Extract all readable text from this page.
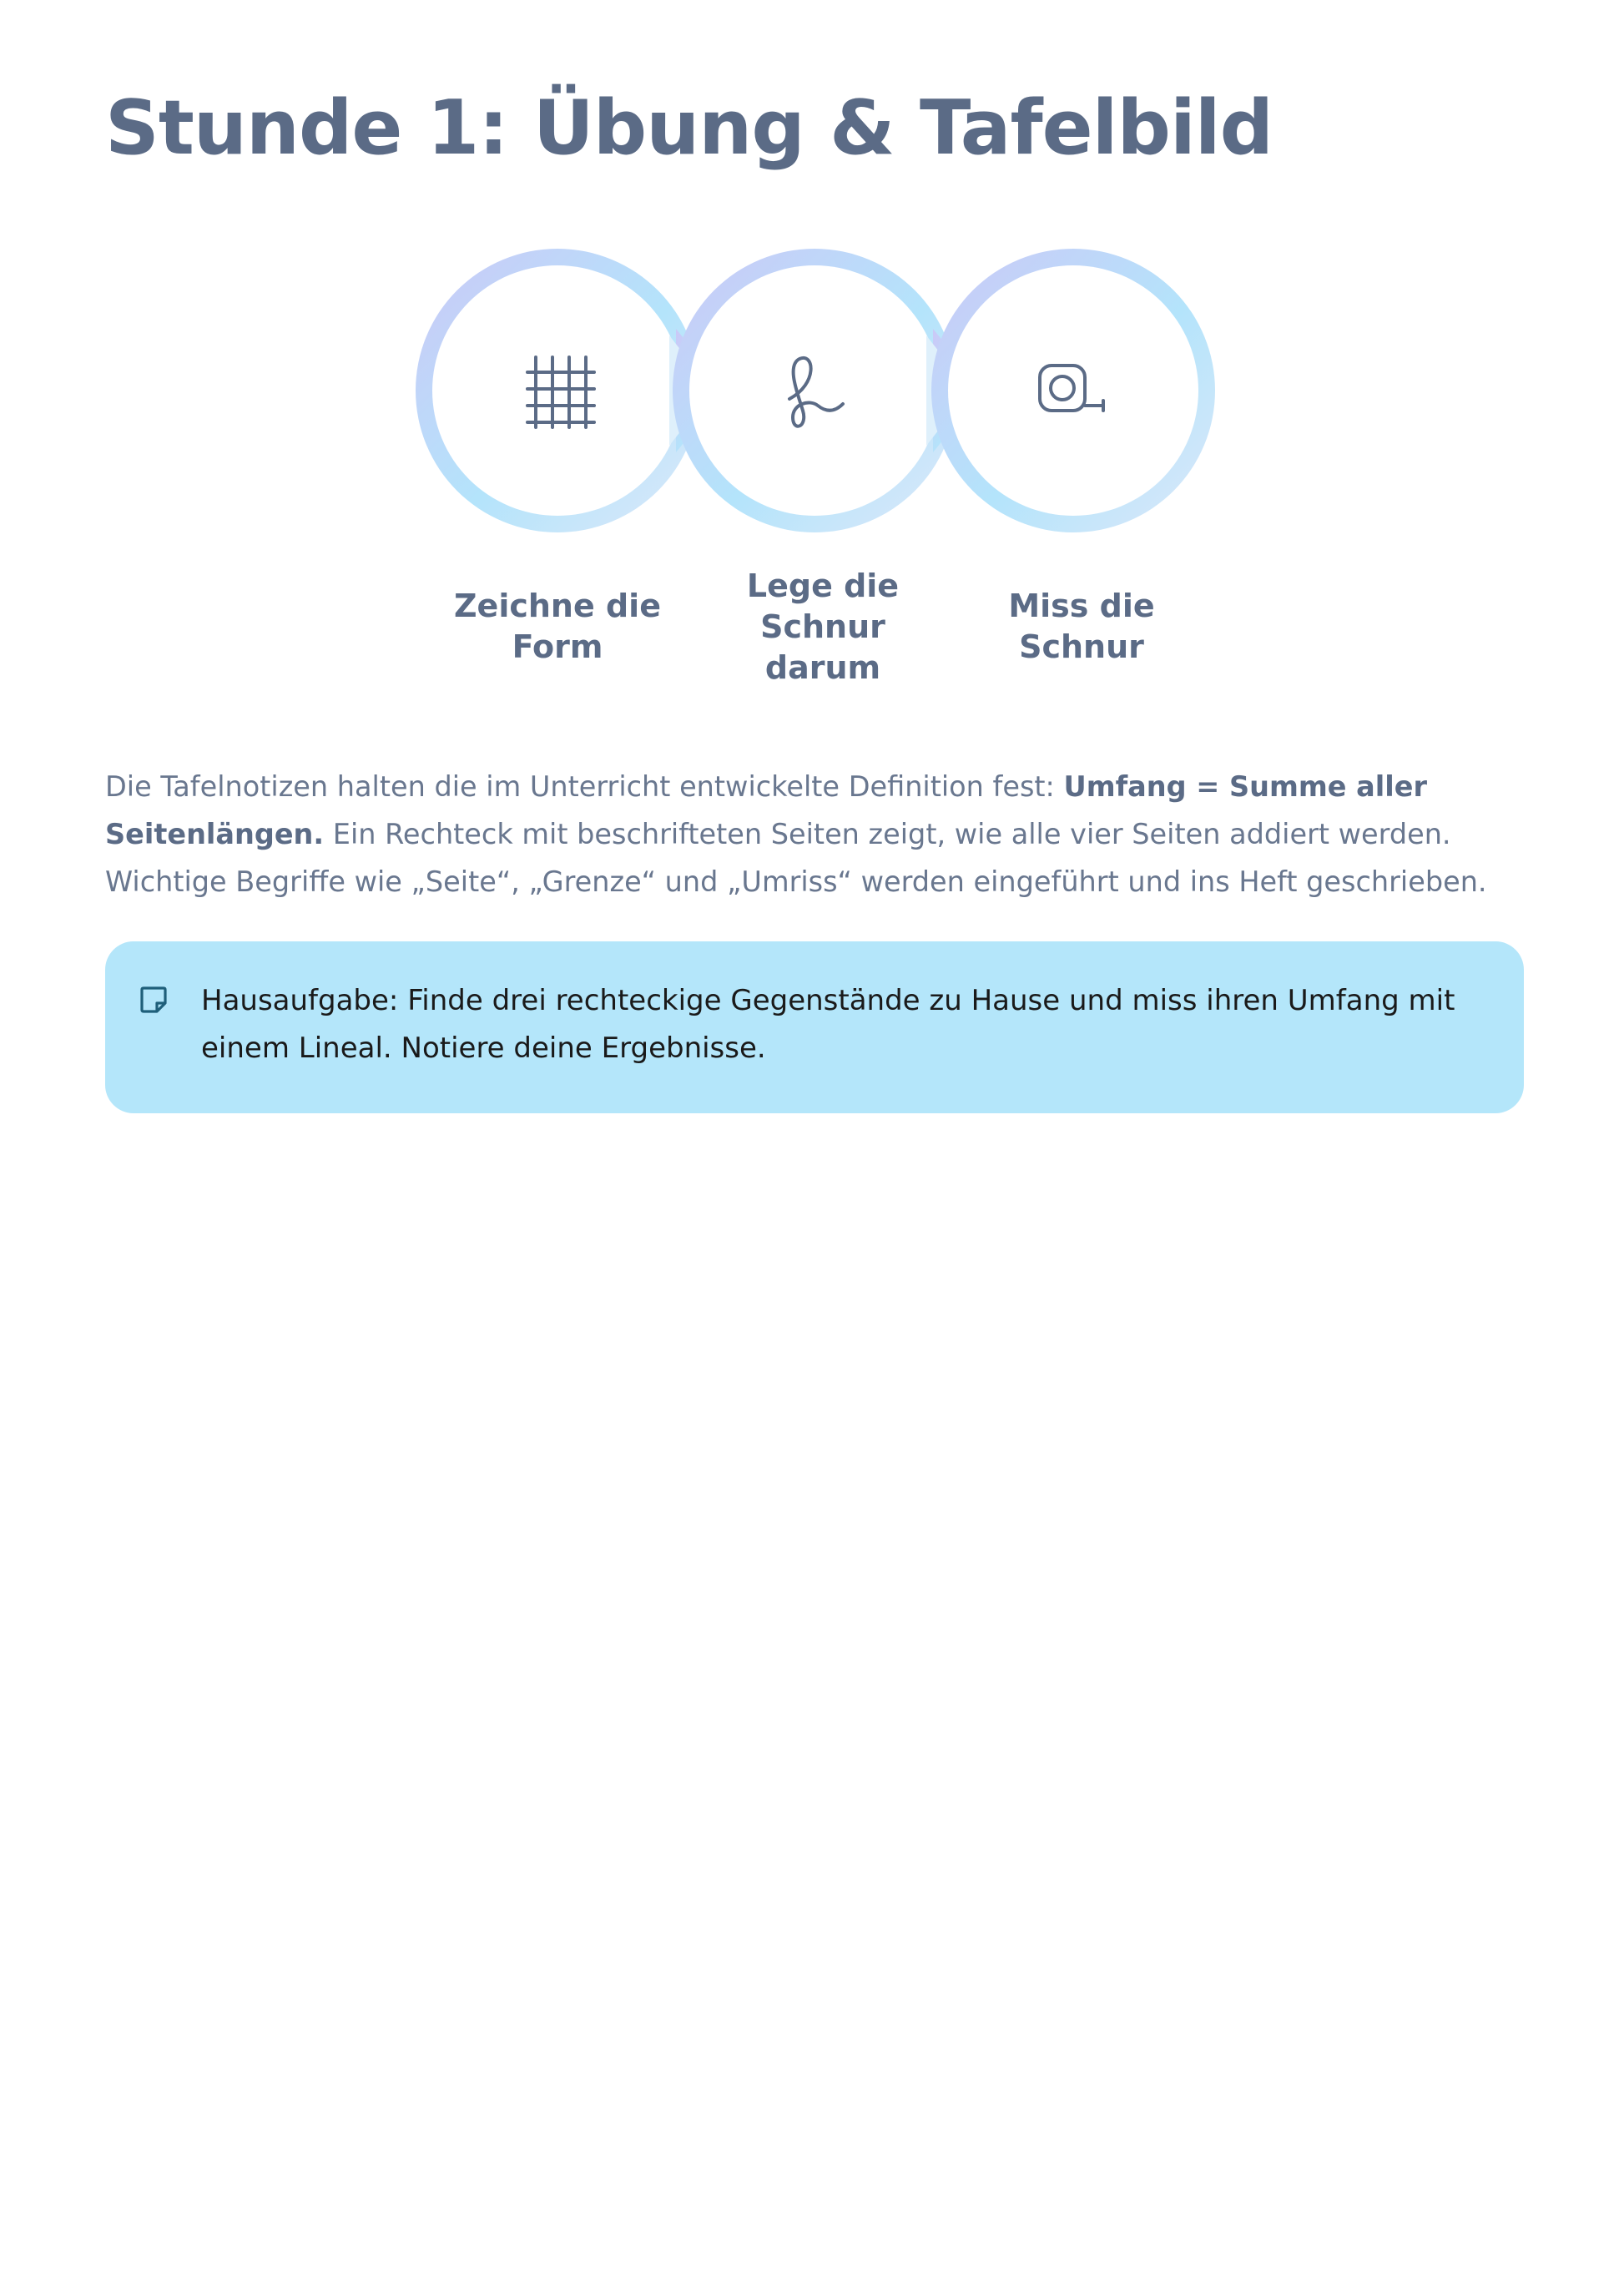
Stunde 1: Übung & Tafelbild
Zeichne die
Form
Lege die
Schnur
darum
Miss die
Schnur

Die Tafelnotizen halten die im Unterricht entwickelte Definition fest: Umfang = Summe aller Seitenlängen. Ein Rechteck mit beschrifteten Seiten zeigt, wie alle vier Seiten addiert werden. Wichtige Begriffe wie „Seite“, „Grenze“ und „Umriss“ werden eingeführt und ins Heft geschrieben.

Hausaufgabe: Finde drei rechteckige Gegenstände zu Hause und miss ihren Umfang mit einem Lineal. Notiere deine Ergebnisse.
